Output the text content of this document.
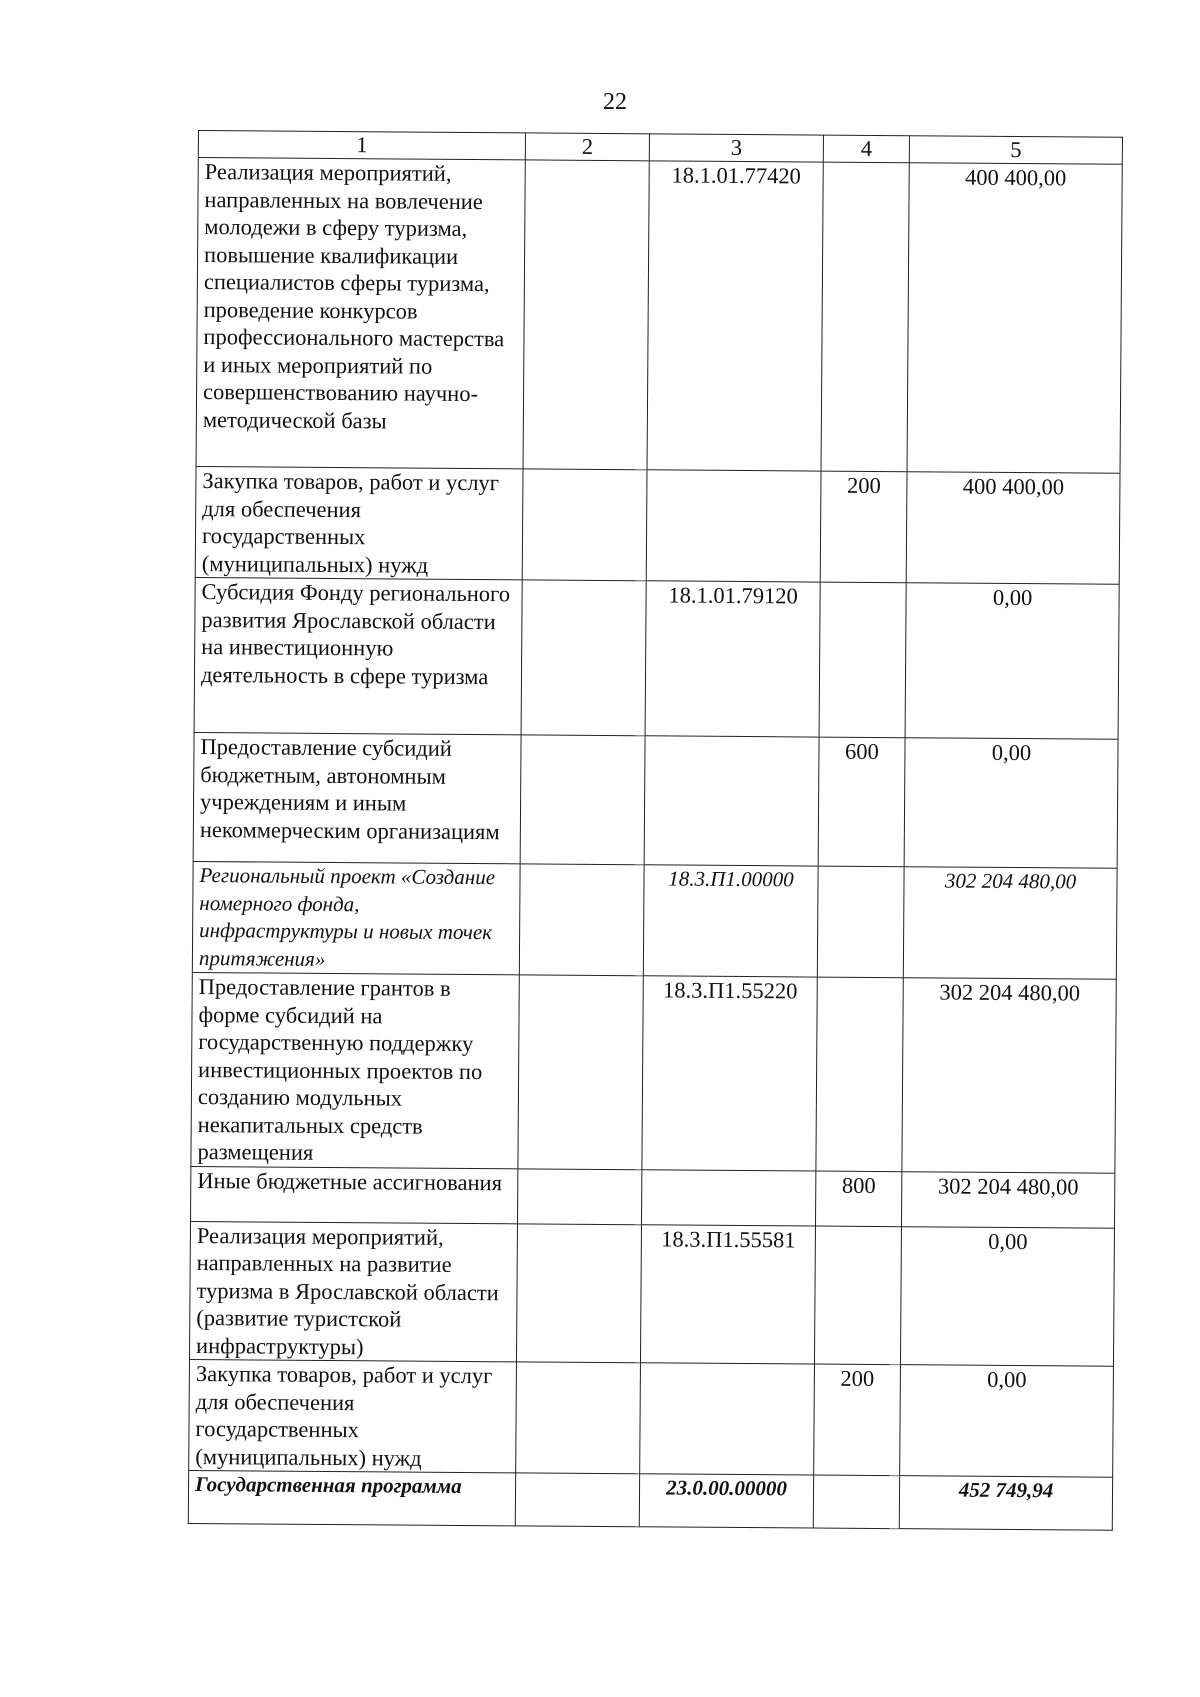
22
1	2	3	4	5
Реализация мероприятий, направленных на вовлечение молодежи в сферу туризма, повышение квалификации специалистов сферы туризма, проведение конкурсов профессионального мастерства и иных мероприятий по совершенствованию научно-методической базы		18.1.01.77420		400 400,00
Закупка товаров, работ и услуг для обеспечения государственных (муниципальных) нужд			200	400 400,00
Субсидия Фонду регионального развития Ярославской области на инвестиционную деятельность в сфере туризма		18.1.01.79120		0,00
Предоставление субсидий бюджетным, автономным учреждениям и иным некоммерческим организациям			600	0,00
Региональный проект «Создание номерного фонда, инфраструктуры и новых точек притяжения»		18.3.П1.00000		302 204 480,00
Предоставление грантов в форме субсидий на государственную поддержку инвестиционных проектов по созданию модульных некапитальных средств размещения		18.3.П1.55220		302 204 480,00
Иные бюджетные ассигнования			800	302 204 480,00
Реализация мероприятий, направленных на развитие туризма в Ярославской области (развитие туристской инфраструктуры)		18.3.П1.55581		0,00
Закупка товаров, работ и услуг для обеспечения государственных (муниципальных) нужд			200	0,00
Государственная программа		23.0.00.00000		452 749,94
